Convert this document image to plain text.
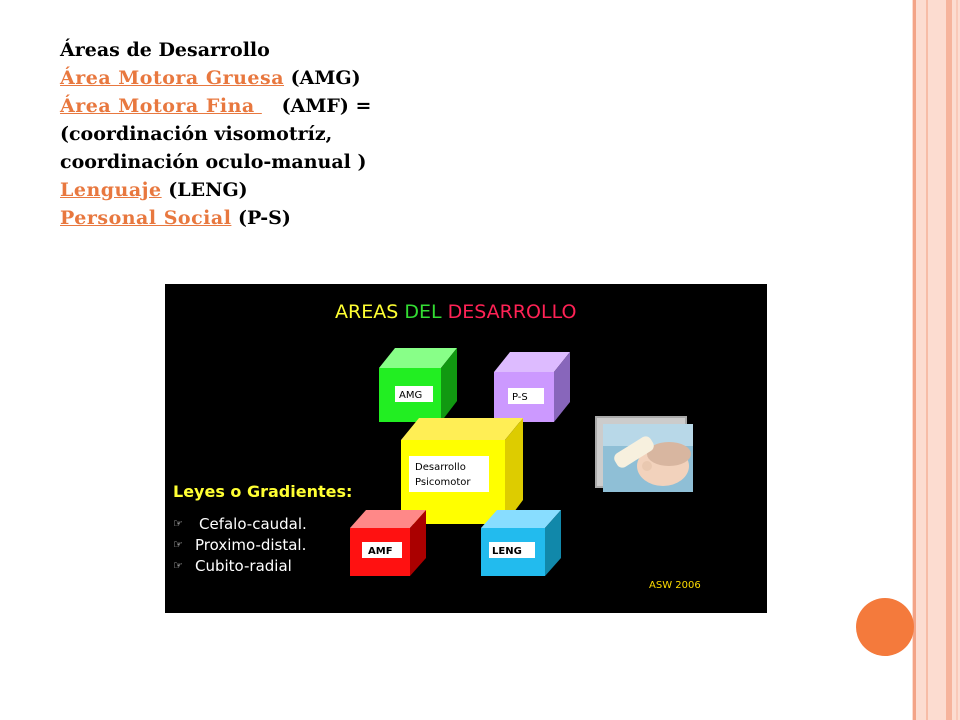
Áreas de Desarrollo
Área Motora Gruesa (AMG)
Área Motora Fina    (AMF) =
(coordinación visomotríz,
coordinación oculo-manual )
Lenguaje (LENG)
Personal Social (P-S)
AREAS DEL DESARROLLO
AMG	P-S
Desarrollo
Psicomotor
AMF	LENG
Leyes o Gradientes:
☞ Cefalo-caudal.
☞ Proximo-distal.
☞ Cubito-radial
ASW 2006
